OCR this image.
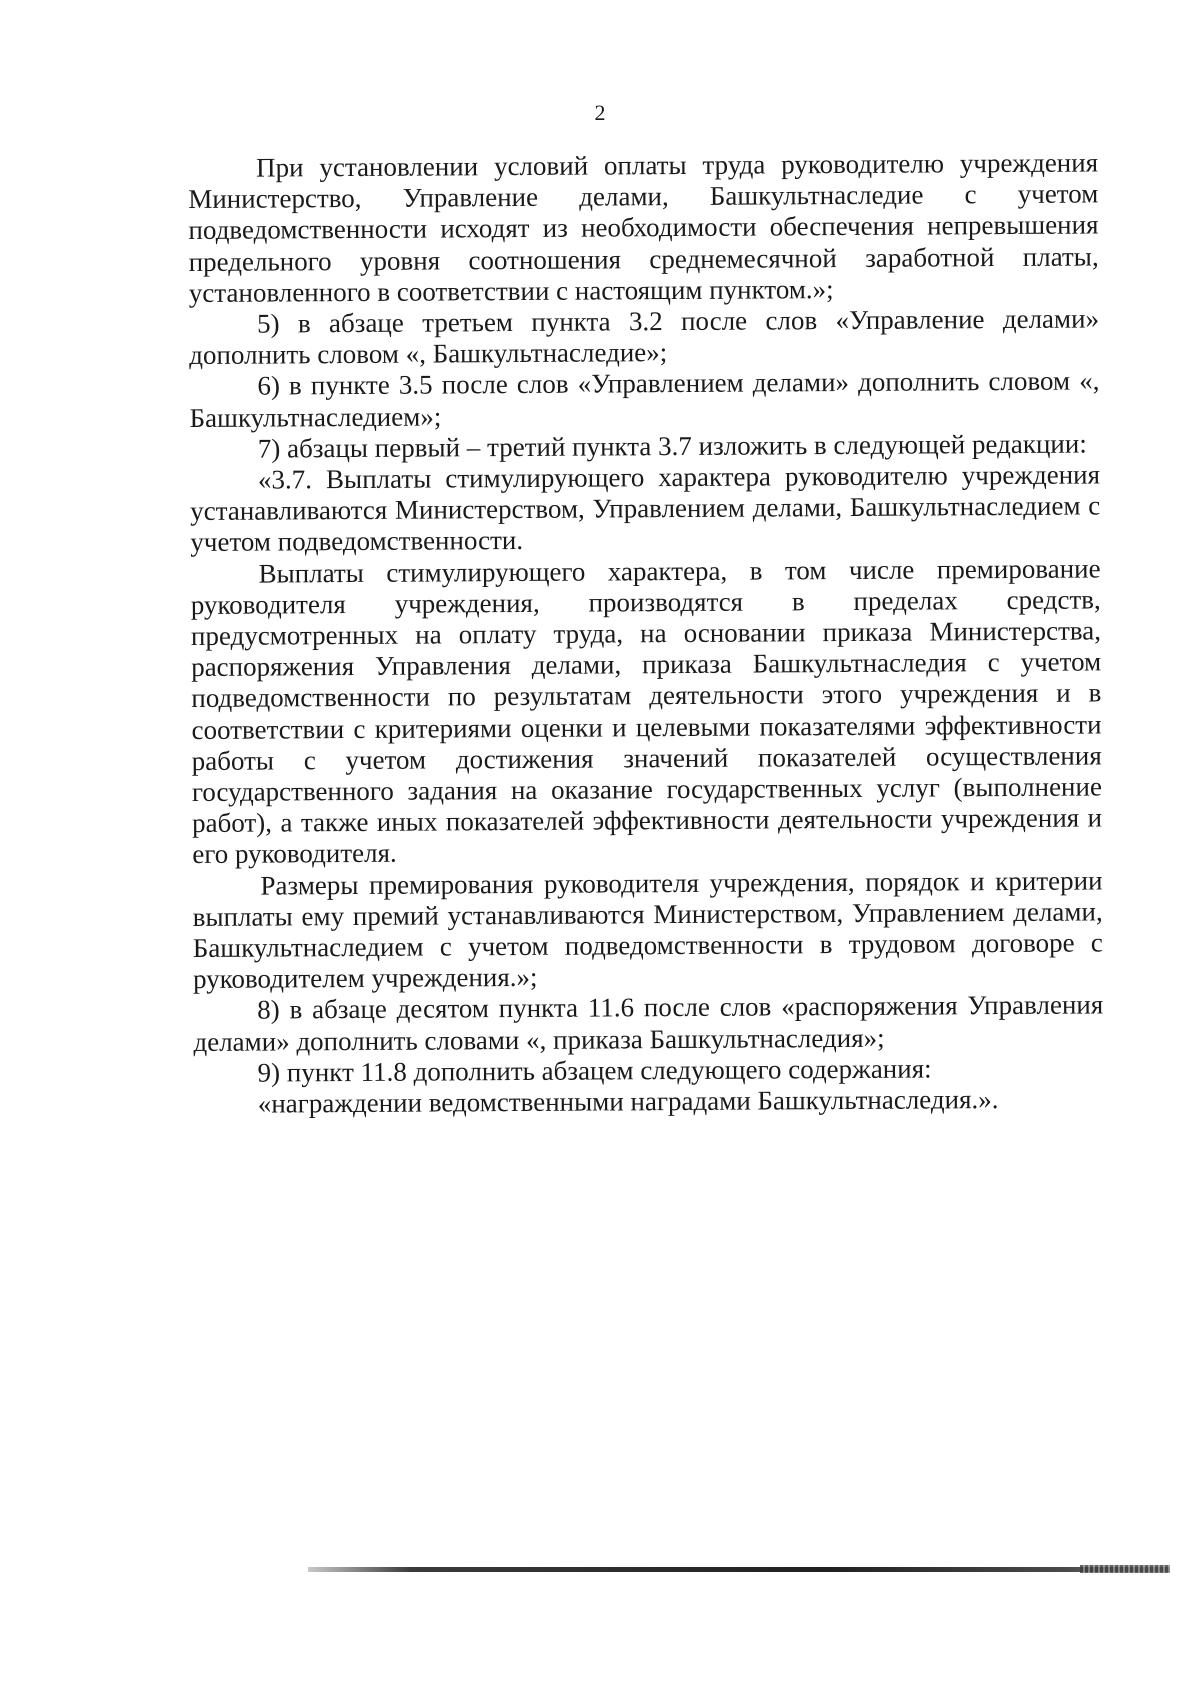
2

При установлении условий оплаты труда руководителю учреждения Министерство, Управление делами, Башкультнаследие с учетом подведомственности исходят из необходимости обеспечения непревышения предельного уровня соотношения среднемесячной заработной платы, установленного в соответствии с настоящим пунктом.»;

5) в абзаце третьем пункта 3.2 после слов «Управление делами» дополнить словом «, Башкультнаследие»;

6) в пункте 3.5 после слов «Управлением делами» дополнить словом «, Башкультнаследием»;

7) абзацы первый – третий пункта 3.7 изложить в следующей редакции:

«3.7. Выплаты стимулирующего характера руководителю учреждения устанавливаются Министерством, Управлением делами, Башкультнаследием с учетом подведомственности.

Выплаты стимулирующего характера, в том числе премирование руководителя учреждения, производятся в пределах средств, предусмотренных на оплату труда, на основании приказа Министерства, распоряжения Управления делами, приказа Башкультнаследия с учетом подведомственности по результатам деятельности этого учреждения и в соответствии с критериями оценки и целевыми показателями эффективности работы с учетом достижения значений показателей осуществления государственного задания на оказание государственных услуг (выполнение работ), а также иных показателей эффективности деятельности учреждения и его руководителя.

Размеры премирования руководителя учреждения, порядок и критерии выплаты ему премий устанавливаются Министерством, Управлением делами, Башкультнаследием с учетом подведомственности в трудовом договоре с руководителем учреждения.»;

8) в абзаце десятом пункта 11.6 после слов «распоряжения Управления делами» дополнить словами «, приказа Башкультнаследия»;

9) пункт 11.8 дополнить абзацем следующего содержания:

«награждении ведомственными наградами Башкультнаследия.».
